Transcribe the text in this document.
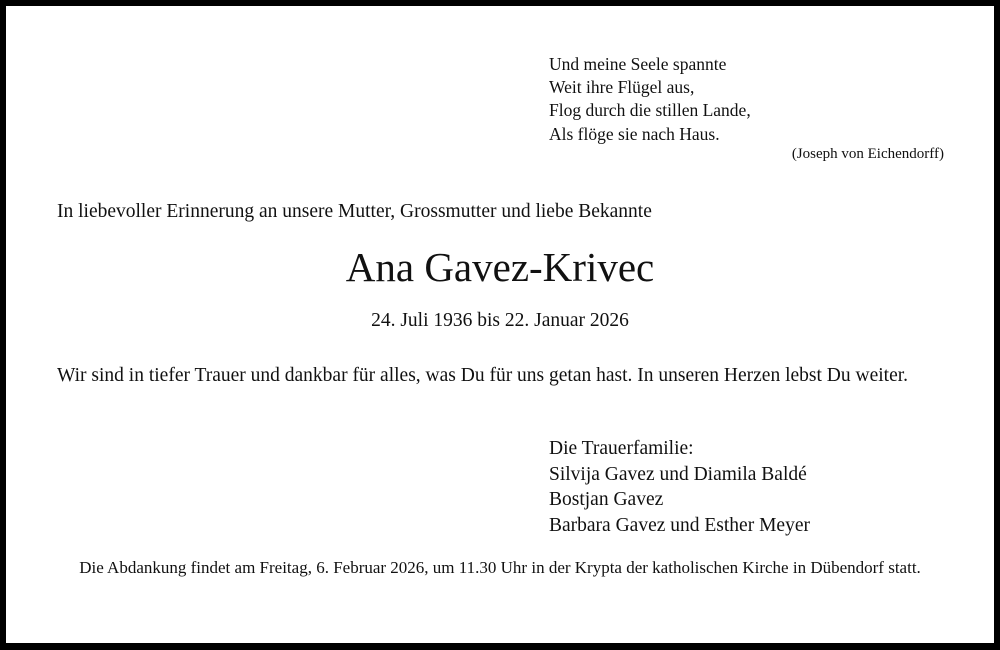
Und meine Seele spannte
Weit ihre Flügel aus,
Flog durch die stillen Lande,
Als flöge sie nach Haus.
(Joseph von Eichendorff)
In liebevoller Erinnerung an unsere Mutter, Grossmutter und liebe Bekannte
Ana Gavez-Krivec
24. Juli 1936 bis 22. Januar 2026
Wir sind in tiefer Trauer und dankbar für alles, was Du für uns getan hast. In unseren Herzen lebst Du weiter.
Die Trauerfamilie:
Silvija Gavez und Diamila Baldé
Bostjan Gavez
Barbara Gavez und Esther Meyer
Die Abdankung findet am Freitag, 6. Februar 2026, um 11.30 Uhr in der Krypta der katholischen Kirche in Dübendorf statt.
